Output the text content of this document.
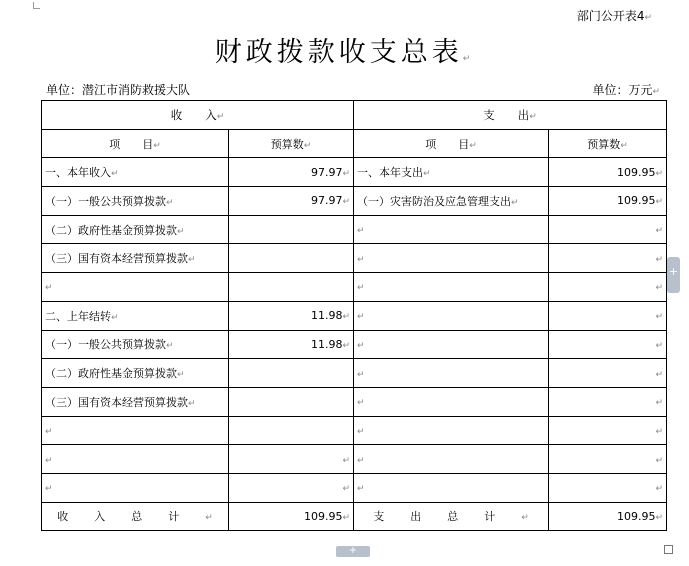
部门公开表4↵
财政拨款收支总表↵
单位：潜江市消防救援大队	单位：万元↵
收　　入↵		支　　出↵	
项　　目↵	预算数↵	项　　目↵	预算数↵
一、本年收入↵	97.97↵	一、本年支出↵	109.95↵
（一）一般公共预算拨款↵	97.97↵	（一）灾害防治及应急管理支出↵	109.95↵
（二）政府性基金预算拨款↵		↵	↵
（三）国有资本经营预算拨款↵		↵	↵
↵		↵	↵
二、上年结转↵	11.98↵	↵	↵
（一）一般公共预算拨款↵	11.98↵	↵	↵
（二）政府性基金预算拨款↵		↵	↵
（三）国有资本经营预算拨款↵		↵	↵
↵		↵	↵
↵	↵	↵	↵
↵	↵	↵	↵
收入总计↵	109.95↵	支出总计↵	109.95↵
+
+
